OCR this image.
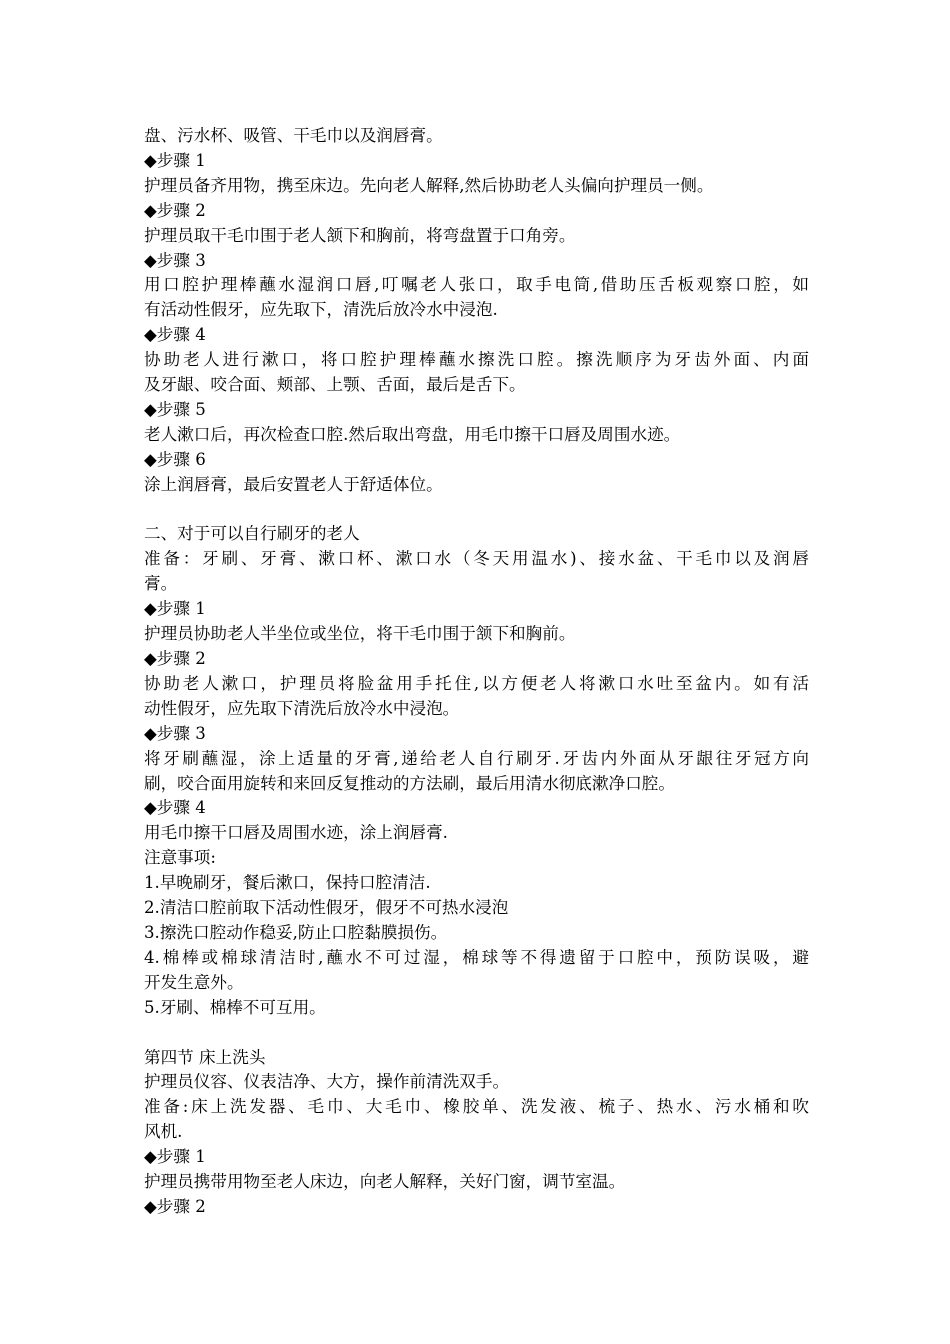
盘、污水杯、吸管、干毛巾以及润唇膏。
◆步骤 1
护理员备齐用物，携至床边。先向老人解释,然后协助老人头偏向护理员一侧。
◆步骤 2
护理员取干毛巾围于老人颔下和胸前，将弯盘置于口角旁。
◆步骤 3
用口腔护理棒蘸水湿润口唇,叮嘱老人张口，取手电筒,借助压舌板观察口腔，如
有活动性假牙，应先取下，清洗后放冷水中浸泡.
◆步骤 4
协助老人进行漱口，将口腔护理棒蘸水擦洗口腔。擦洗顺序为牙齿外面、内面
及牙龈、咬合面、颊部、上颚、舌面，最后是舌下。
◆步骤 5
老人漱口后，再次检查口腔.然后取出弯盘，用毛巾擦干口唇及周围水迹。
◆步骤 6
涂上润唇膏，最后安置老人于舒适体位。
二、对于可以自行刷牙的老人
准备：牙刷、牙膏、漱口杯、漱口水（冬天用温水)、接水盆、干毛巾以及润唇
膏。
◆步骤 1
护理员协助老人半坐位或坐位，将干毛巾围于颔下和胸前。
◆步骤 2
协助老人漱口，护理员将脸盆用手托住,以方便老人将漱口水吐至盆内。如有活
动性假牙，应先取下清洗后放冷水中浸泡。
◆步骤 3
将牙刷蘸湿，涂上适量的牙膏,递给老人自行刷牙.牙齿内外面从牙龈往牙冠方向
刷，咬合面用旋转和来回反复推动的方法刷，最后用清水彻底漱净口腔。
◆步骤 4
用毛巾擦干口唇及周围水迹，涂上润唇膏.
注意事项:
1.早晚刷牙，餐后漱口，保持口腔清洁.
2.清洁口腔前取下活动性假牙，假牙不可热水浸泡
3.擦洗口腔动作稳妥,防止口腔黏膜损伤。
4.棉棒或棉球清洁时,蘸水不可过湿，棉球等不得遗留于口腔中，预防误吸，避
开发生意外。
5.牙刷、棉棒不可互用。
第四节 床上洗头
护理员仪容、仪表洁净、大方，操作前清洗双手。
准备:床上洗发器、毛巾、大毛巾、橡胶单、洗发液、梳子、热水、污水桶和吹
风机.
◆步骤 1
护理员携带用物至老人床边，向老人解释，关好门窗，调节室温。
◆步骤 2
